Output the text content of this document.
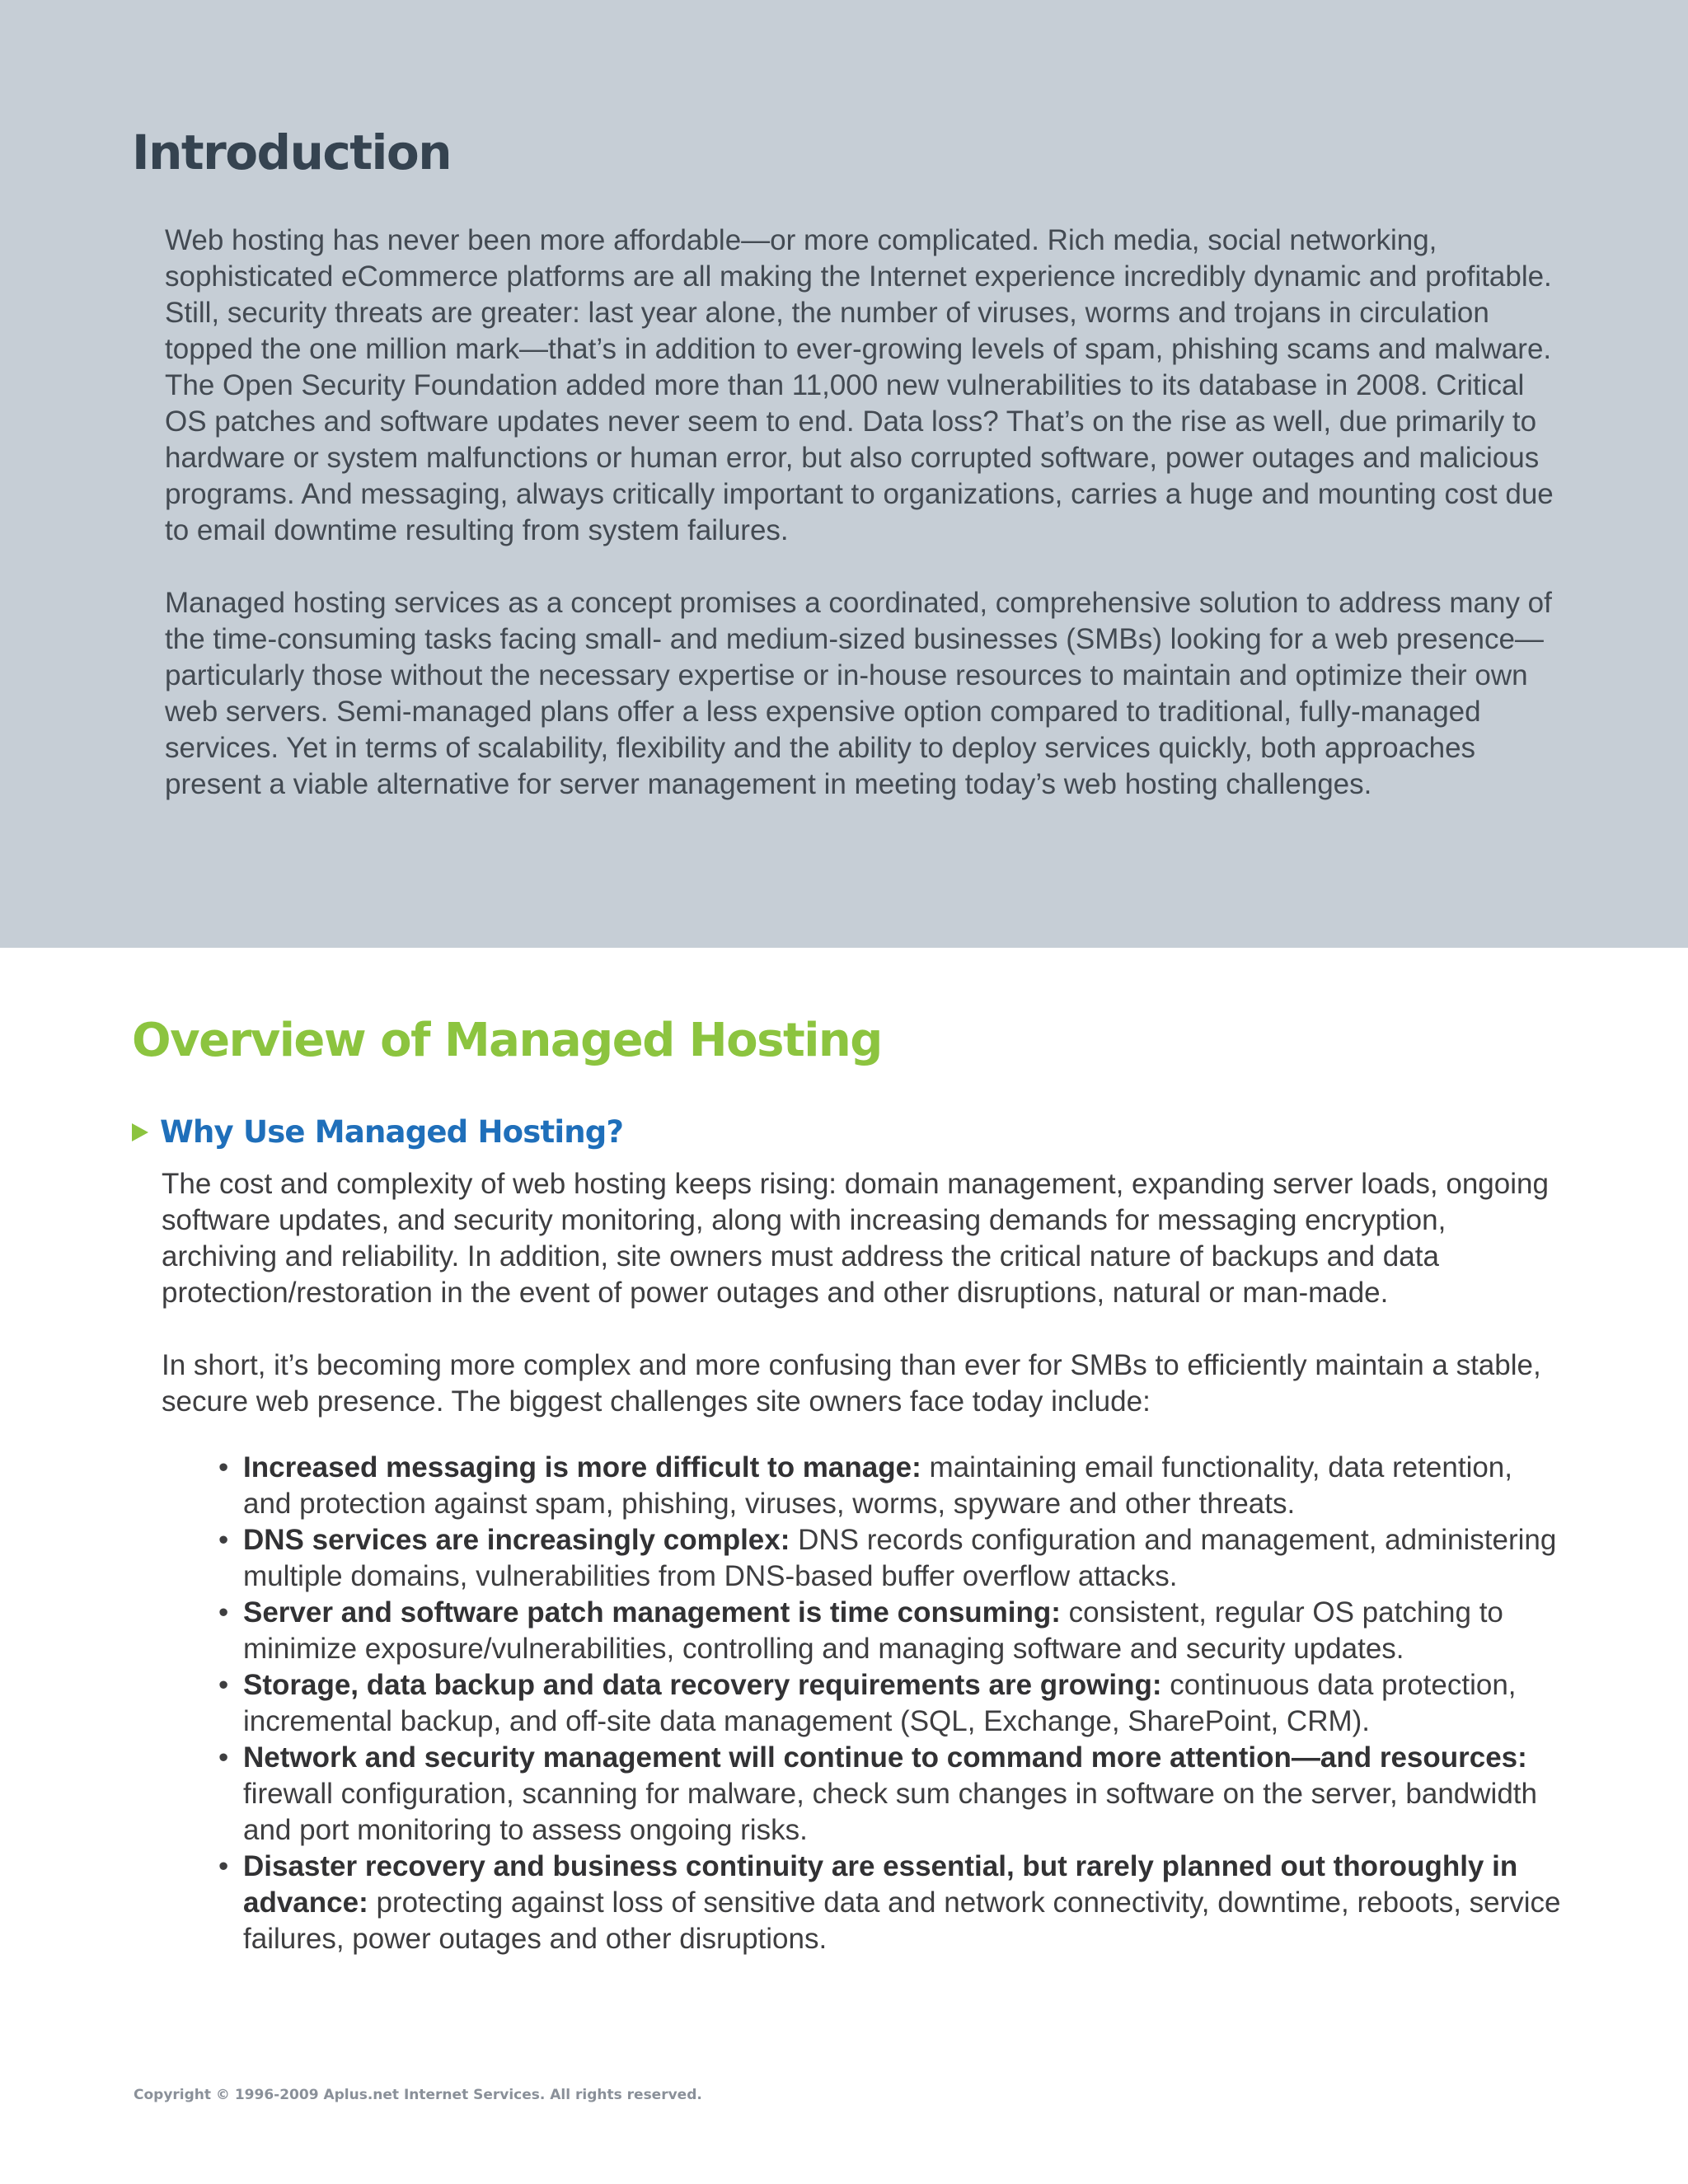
Introduction

Web hosting has never been more affordable—or more complicated. Rich media, social networking, sophisticated eCommerce platforms are all making the Internet experience incredibly dynamic and profitable. Still, security threats are greater: last year alone, the number of viruses, worms and trojans in circulation topped the one million mark—that’s in addition to ever-growing levels of spam, phishing scams and malware. The Open Security Foundation added more than 11,000 new vulnerabilities to its database in 2008. Critical OS patches and software updates never seem to end. Data loss? That’s on the rise as well, due primarily to hardware or system malfunctions or human error, but also corrupted software, power outages and malicious programs. And messaging, always critically important to organizations, carries a huge and mounting cost due to email downtime resulting from system failures.

Managed hosting services as a concept promises a coordinated, comprehensive solution to address many of the time-consuming tasks facing small- and medium-sized businesses (SMBs) looking for a web presence—particularly those without the necessary expertise or in-house resources to maintain and optimize their own web servers. Semi-managed plans offer a less expensive option compared to traditional, fully-managed services. Yet in terms of scalability, flexibility and the ability to deploy services quickly, both approaches present a viable alternative for server management in meeting today’s web hosting challenges.

Overview of Managed Hosting
Why Use Managed Hosting?

The cost and complexity of web hosting keeps rising: domain management, expanding server loads, ongoing software updates, and security monitoring, along with increasing demands for messaging encryption, archiving and reliability. In addition, site owners must address the critical nature of backups and data protection/restoration in the event of power outages and other disruptions, natural or man-made.

In short, it’s becoming more complex and more confusing than ever for SMBs to efficiently maintain a stable, secure web presence. The biggest challenges site owners face today include:

• Increased messaging is more difficult to manage: maintaining email functionality, data retention, and protection against spam, phishing, viruses, worms, spyware and other threats.
• DNS services are increasingly complex: DNS records configuration and management, administering multiple domains, vulnerabilities from DNS-based buffer overflow attacks.
• Server and software patch management is time consuming: consistent, regular OS patching to minimize exposure/vulnerabilities, controlling and managing software and security updates.
• Storage, data backup and data recovery requirements are growing: continuous data protection, incremental backup, and off-site data management (SQL, Exchange, SharePoint, CRM).
• Network and security management will continue to command more attention—and resources: firewall configuration, scanning for malware, check sum changes in software on the server, bandwidth and port monitoring to assess ongoing risks.
• Disaster recovery and business continuity are essential, but rarely planned out thoroughly in advance: protecting against loss of sensitive data and network connectivity, downtime, reboots, service failures, power outages and other disruptions.

Copyright © 1996-2009 Aplus.net Internet Services. All rights reserved.
